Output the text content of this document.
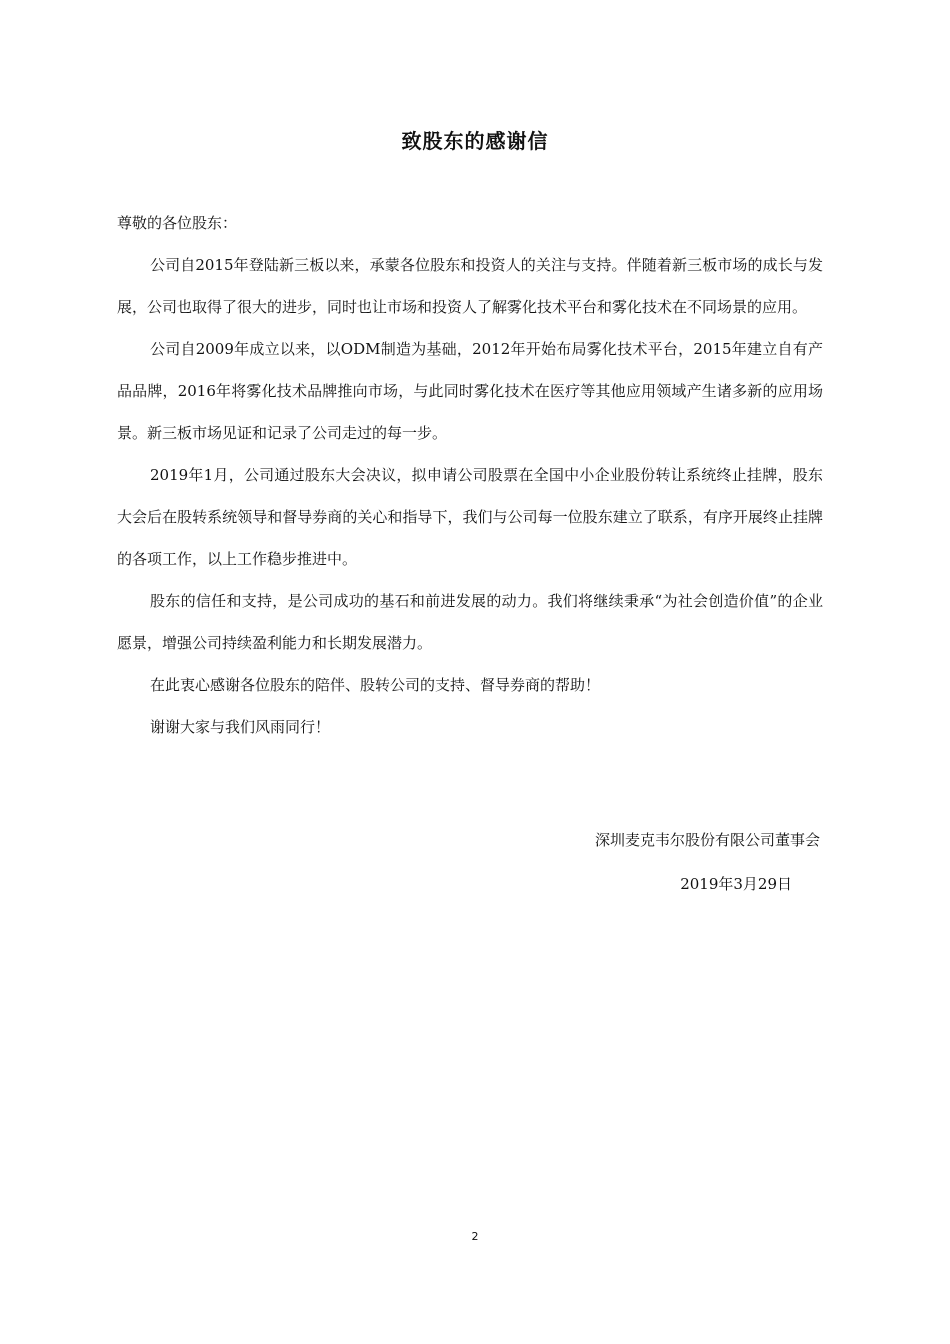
致股东的感谢信

尊敬的各位股东：

公司自2015年登陆新三板以来，承蒙各位股东和投资人的关注与支持。伴随着新三板市场的成长与发展，公司也取得了很大的进步，同时也让市场和投资人了解雾化技术平台和雾化技术在不同场景的应用。

公司自2009年成立以来，以ODM制造为基础，2012年开始布局雾化技术平台，2015年建立自有产品品牌，2016年将雾化技术品牌推向市场，与此同时雾化技术在医疗等其他应用领域产生诸多新的应用场景。新三板市场见证和记录了公司走过的每一步。

2019年1月，公司通过股东大会决议，拟申请公司股票在全国中小企业股份转让系统终止挂牌，股东大会后在股转系统领导和督导券商的关心和指导下，我们与公司每一位股东建立了联系，有序开展终止挂牌的各项工作，以上工作稳步推进中。

股东的信任和支持，是公司成功的基石和前进发展的动力。我们将继续秉承“为社会创造价值”的企业愿景，增强公司持续盈利能力和长期发展潜力。

在此衷心感谢各位股东的陪伴、股转公司的支持、督导券商的帮助！

谢谢大家与我们风雨同行！

深圳麦克韦尔股份有限公司董事会
2019年3月29日
2
